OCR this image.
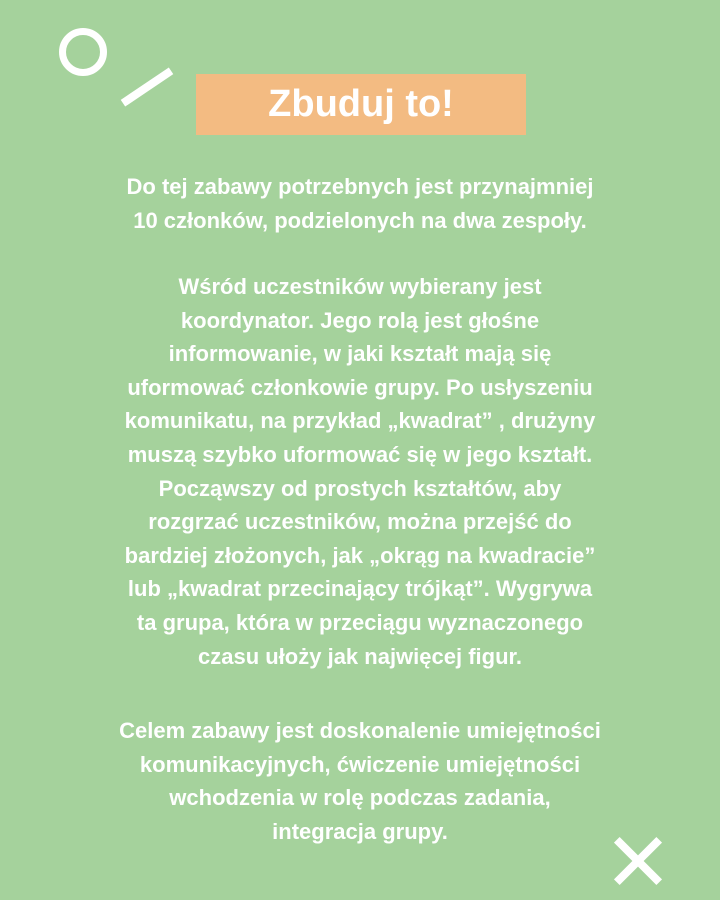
Zbuduj to!
Do tej zabawy potrzebnych jest przynajmniej
10 członków, podzielonych na dwa zespoły.
Wśród uczestników wybierany jest
koordynator. Jego rolą jest głośne
informowanie, w jaki kształt mają się
uformować członkowie grupy. Po usłyszeniu
komunikatu, na przykład „kwadrat” , drużyny
muszą szybko uformować się w jego kształt.
Począwszy od prostych kształtów, aby
rozgrzać uczestników, można przejść do
bardziej złożonych, jak „okrąg na kwadracie”
lub „kwadrat przecinający trójkąt”. Wygrywa
ta grupa, która w przeciągu wyznaczonego
czasu ułoży jak najwięcej figur.
Celem zabawy jest doskonalenie umiejętności
komunikacyjnych, ćwiczenie umiejętności
wchodzenia w rolę podczas zadania,
integracja grupy.
